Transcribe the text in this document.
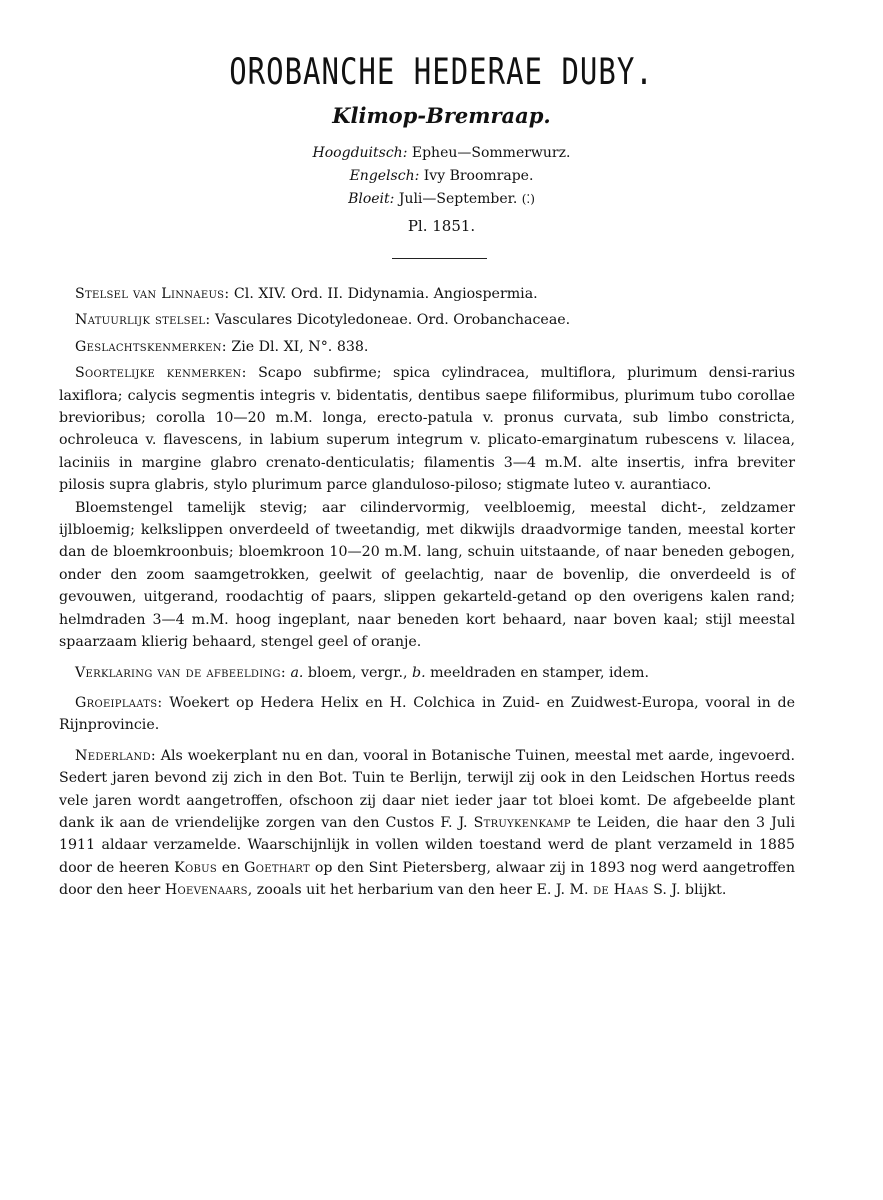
OROBANCHE HEDERAE DUBY.
Klimop-Bremraap.
Hoogduitsch: Epheu—Sommerwurz.
Engelsch: Ivy Broomrape.
Bloeit: Juli—September. (⁚)
Pl. 1851.

Stelsel van Linnaeus: Cl. XIV. Ord. II. Didynamia. Angiospermia.

Natuurlijk stelsel: Vasculares Dicotyledoneae. Ord. Orobanchaceae.

Geslachtskenmerken: Zie Dl. XI, N°. 838.

Soortelijke kenmerken: Scapo subfirme; spica cylindracea, multiflora, plurimum densi-rarius laxiflora; calycis segmentis integris v. bidentatis, dentibus saepe filiformibus, plurimum tubo corollae brevioribus; corolla 10—20 m.M. longa, erecto-patula v. pronus curvata, sub limbo constricta, ochroleuca v. flavescens, in labium superum integrum v. plicato-emarginatum rubescens v. lilacea, laciniis in margine glabro crenato-denticulatis; filamentis 3—4 m.M. alte insertis, infra breviter pilosis supra glabris, stylo plurimum parce glanduloso-piloso; stigmate luteo v. aurantiaco.

Bloemstengel tamelijk stevig; aar cilindervormig, veelbloemig, meestal dicht-, zeldzamer ijlbloemig; kelkslippen onverdeeld of tweetandig, met dikwijls draadvormige tanden, meestal korter dan de bloemkroonbuis; bloemkroon 10—20 m.M. lang, schuin uitstaande, of naar beneden gebogen, onder den zoom saamgetrokken, geelwit of geelachtig, naar de bovenlip, die onverdeeld is of gevouwen, uitgerand, roodachtig of paars, slippen gekarteld-getand op den overigens kalen rand; helmdraden 3—4 m.M. hoog ingeplant, naar beneden kort behaard, naar boven kaal; stijl meestal spaarzaam klierig behaard, stengel geel of oranje.

Verklaring van de afbeelding: a. bloem, vergr., b. meeldraden en stamper, idem.

Groeiplaats: Woekert op Hedera Helix en H. Colchica in Zuid- en Zuidwest-Europa, vooral in de Rijnprovincie.

Nederland: Als woekerplant nu en dan, vooral in Botanische Tuinen, meestal met aarde, ingevoerd. Sedert jaren bevond zij zich in den Bot. Tuin te Berlijn, terwijl zij ook in den Leidschen Hortus reeds vele jaren wordt aangetroffen, ofschoon zij daar niet ieder jaar tot bloei komt. De afgebeelde plant dank ik aan de vriendelijke zorgen van den Custos F. J. Struykenkamp te Leiden, die haar den 3 Juli 1911 aldaar verzamelde. Waarschijnlijk in vollen wilden toestand werd de plant verzameld in 1885 door de heeren Kobus en Goethart op den Sint Pietersberg, alwaar zij in 1893 nog werd aangetroffen door den heer Hoevenaars, zooals uit het herbarium van den heer E. J. M. de Haas S. J. blijkt.
